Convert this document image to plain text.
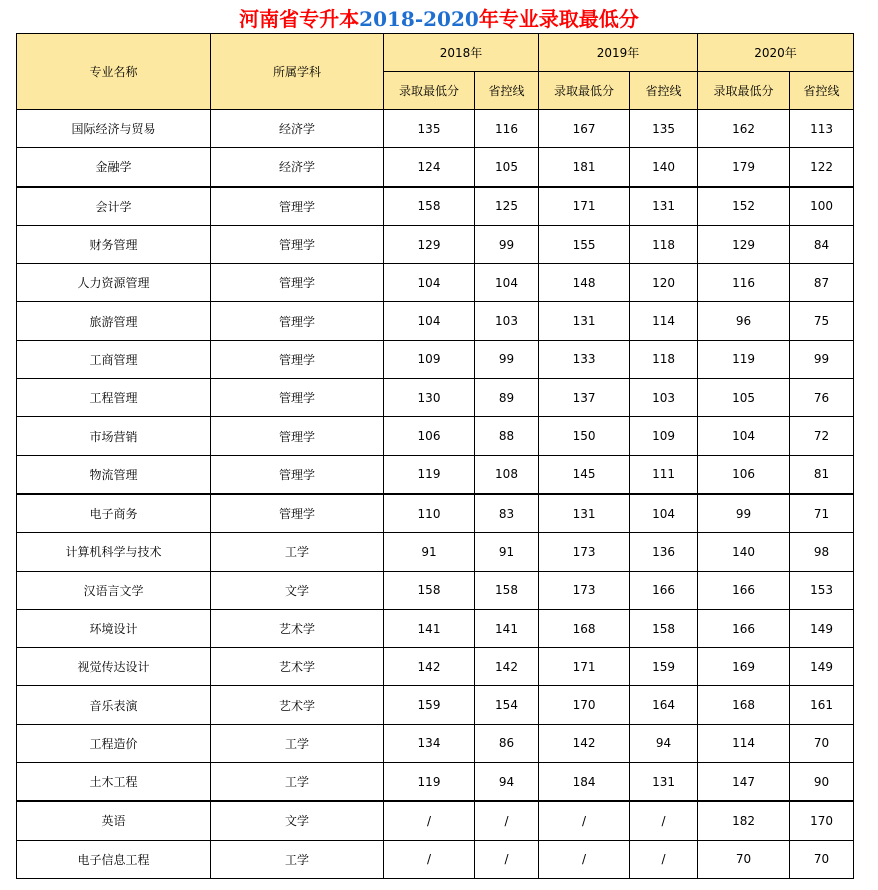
河南省专升本2018-2020年专业录取最低分
专业名称	所属学科	2018年		2019年		2020年	
		录取最低分	省控线	录取最低分	省控线	录取最低分	省控线
国际经济与贸易	经济学	135	116	167	135	162	113
金融学	经济学	124	105	181	140	179	122
会计学	管理学	158	125	171	131	152	100
财务管理	管理学	129	99	155	118	129	84
人力资源管理	管理学	104	104	148	120	116	87
旅游管理	管理学	104	103	131	114	96	75
工商管理	管理学	109	99	133	118	119	99
工程管理	管理学	130	89	137	103	105	76
市场营销	管理学	106	88	150	109	104	72
物流管理	管理学	119	108	145	111	106	81
电子商务	管理学	110	83	131	104	99	71
计算机科学与技术	工学	91	91	173	136	140	98
汉语言文学	文学	158	158	173	166	166	153
环境设计	艺术学	141	141	168	158	166	149
视觉传达设计	艺术学	142	142	171	159	169	149
音乐表演	艺术学	159	154	170	164	168	161
工程造价	工学	134	86	142	94	114	70
土木工程	工学	119	94	184	131	147	90
英语	文学	/	/	/	/	182	170
电子信息工程	工学	/	/	/	/	70	70
